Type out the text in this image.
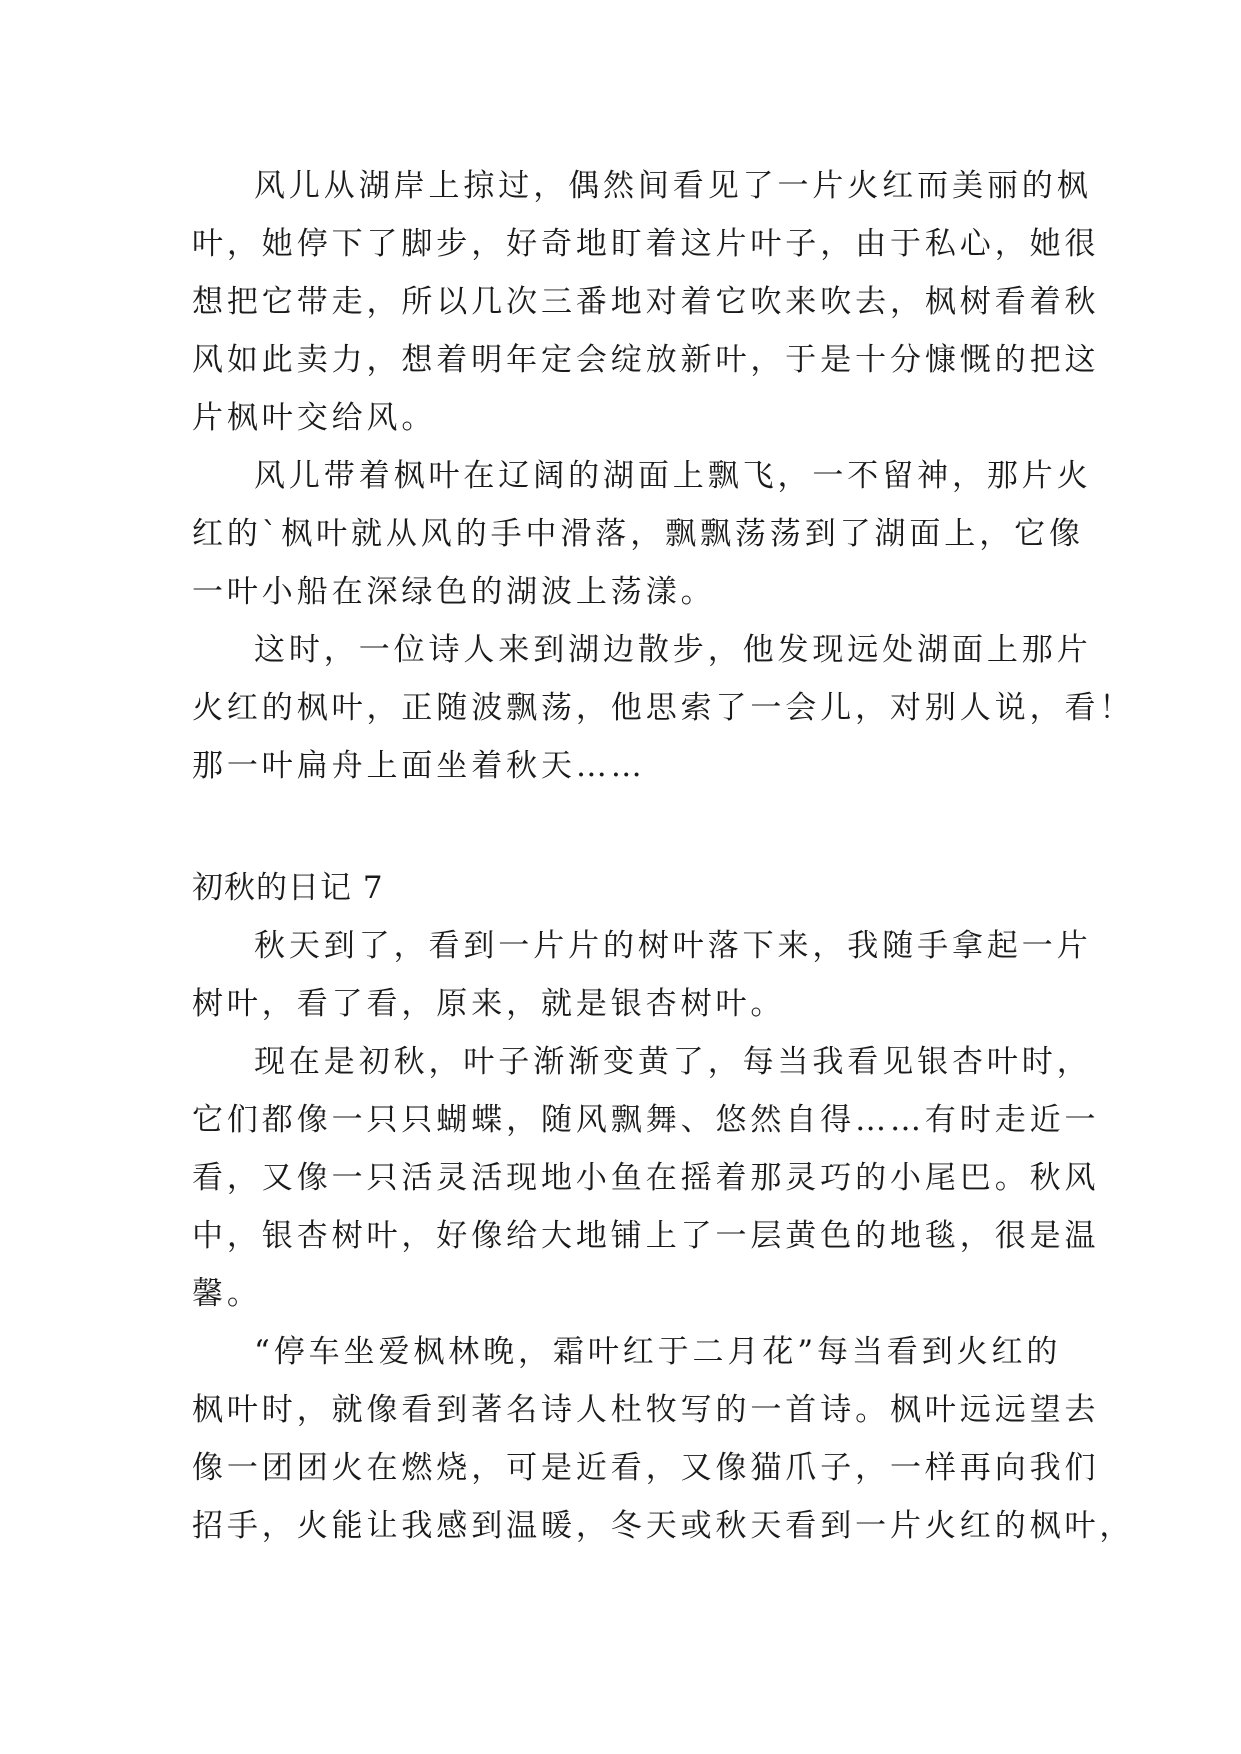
风儿从湖岸上掠过，偶然间看见了一片火红而美丽的枫
叶，她停下了脚步，好奇地盯着这片叶子，由于私心，她很
想把它带走，所以几次三番地对着它吹来吹去，枫树看着秋
风如此卖力，想着明年定会绽放新叶，于是十分慷慨的把这
片枫叶交给风。
风儿带着枫叶在辽阔的湖面上飘飞，一不留神，那片火
红的`枫叶就从风的手中滑落，飘飘荡荡到了湖面上，它像
一叶小船在深绿色的湖波上荡漾。
这时，一位诗人来到湖边散步，他发现远处湖面上那片
火红的枫叶，正随波飘荡，他思索了一会儿，对别人说，看！
那一叶扁舟上面坐着秋天……
初秋的日记 7
秋天到了，看到一片片的树叶落下来，我随手拿起一片
树叶，看了看，原来，就是银杏树叶。
现在是初秋，叶子渐渐变黄了，每当我看见银杏叶时，
它们都像一只只蝴蝶，随风飘舞、悠然自得……有时走近一
看，又像一只活灵活现地小鱼在摇着那灵巧的小尾巴。秋风
中，银杏树叶，好像给大地铺上了一层黄色的地毯，很是温
馨。
“停车坐爱枫林晚，霜叶红于二月花”每当看到火红的
枫叶时，就像看到著名诗人杜牧写的一首诗。枫叶远远望去
像一团团火在燃烧，可是近看，又像猫爪子，一样再向我们
招手，火能让我感到温暖，冬天或秋天看到一片火红的枫叶，
